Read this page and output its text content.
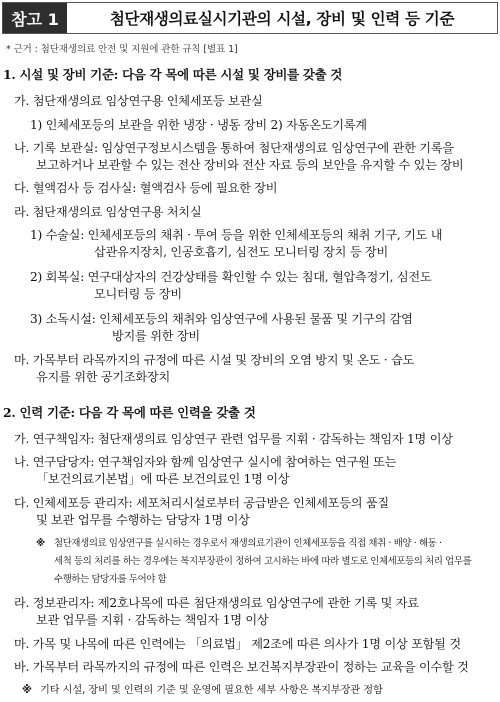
참고 1	첨단재생의료실시기관의 시설, 장비 및 인력 등 기준
* 근거 : 첨단재생의료 안전 및 지원에 관한 규칙 [별표 1]
1. 시설 및 장비 기준: 다음 각 목에 따른 시설 및 장비를 갖출 것
가. 첨단재생의료 임상연구용 인체세포등 보관실
1) 인체세포등의 보관을 위한 냉장 · 냉동 장비 2) 자동온도기록계
나. 기록 보관실: 임상연구정보시스템을 통하여 첨단재생의료 임상연구에 관한 기록을
보고하거나 보관할 수 있는 전산 장비와 전산 자료 등의 보안을 유지할 수 있는 장비
다. 혈액검사 등 검사실: 혈액검사 등에 필요한 장비
라. 첨단재생의료 임상연구용 처치실
1) 수술실: 인체세포등의 채취 · 투여 등을 위한 인체세포등의 채취 기구, 기도 내
삽관유지장치, 인공호흡기, 심전도 모니터링 장치 등 장비
2) 회복실: 연구대상자의 건강상태를 확인할 수 있는 침대, 혈압측정기, 심전도
모니터링 등 장비
3) 소독시설: 인체세포등의 채취와 임상연구에 사용된 물품 및 기구의 감염
방지를 위한 장비
마. 가목부터 라목까지의 규정에 따른 시설 및 장비의 오염 방지 및 온도 · 습도
유지를 위한 공기조화장치
2. 인력 기준: 다음 각 목에 따른 인력을 갖출 것
가. 연구책임자: 첨단재생의료 임상연구 관련 업무를 지휘 · 감독하는 책임자 1명 이상
나. 연구담당자: 연구책임자와 함께 임상연구 실시에 참여하는 연구원 또는
「보건의료기본법」에 따른 보건의료인 1명 이상
다. 인체세포등 관리자: 세포처리시설로부터 공급받은 인체세포등의 품질
및 보관 업무를 수행하는 담당자 1명 이상
※ 첨단재생의료 임상연구를 실시하는 경우로서 재생의료기관이 인체세포등을 직접 채취 · 배양 · 해동 ·
세척 등의 처리를 하는 경우에는 복지부장관이 정하여 고시하는 바에 따라 별도로 인체세포등의 처리 업무를
수행하는 담당자를 두어야 함
라. 정보관리자: 제2호나목에 따른 첨단재생의료 임상연구에 관한 기록 및 자료
보관 업무를 지휘 · 감독하는 책임자 1명 이상
마. 가목 및 나목에 따른 인력에는 「의료법」 제2조에 따른 의사가 1명 이상 포함될 것
바. 가목부터 라목까지의 규정에 따른 인력은 보건복지부장관이 정하는 교육을 이수할 것
※ 기타 시설, 장비 및 인력의 기준 및 운영에 필요한 세부 사항은 복지부장관 정함
